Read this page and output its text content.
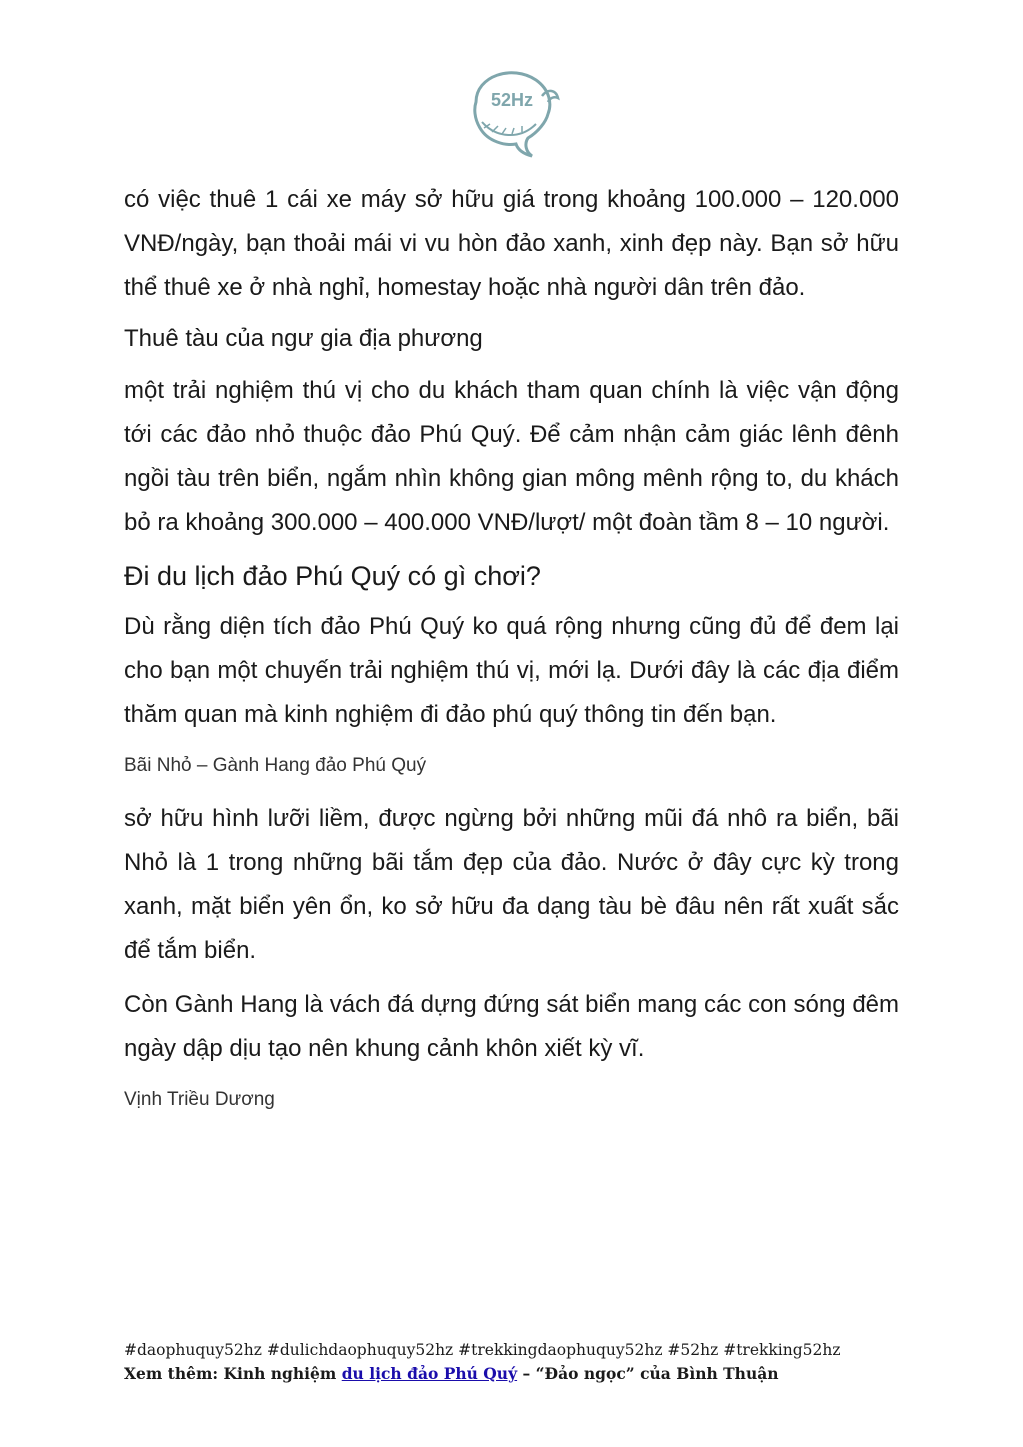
52Hz

có việc thuê 1 cái xe máy sở hữu giá trong khoảng 100.000 – 120.000 VNĐ/ngày, bạn thoải mái vi vu hòn đảo xanh, xinh đẹp này. Bạn sở hữu thể thuê xe ở nhà nghỉ, homestay hoặc nhà người dân trên đảo.

Thuê tàu của ngư gia địa phương

một trải nghiệm thú vị cho du khách tham quan chính là việc vận động tới các đảo nhỏ thuộc đảo Phú Quý. Để cảm nhận cảm giác lênh đênh ngồi tàu trên biển, ngắm nhìn không gian mông mênh rộng to, du khách bỏ ra khoảng 300.000 – 400.000 VNĐ/lượt/ một đoàn tầm 8 – 10 người.

Đi du lịch đảo Phú Quý có gì chơi?

Dù rằng diện tích đảo Phú Quý ko quá rộng nhưng cũng đủ để đem lại cho bạn một chuyến trải nghiệm thú vị, mới lạ. Dưới đây là các địa điểm thăm quan mà kinh nghiệm đi đảo phú quý thông tin đến bạn.

Bãi Nhỏ – Gành Hang đảo Phú Quý

sở hữu hình lưỡi liềm, được ngừng bởi những mũi đá nhô ra biển, bãi Nhỏ là 1 trong những bãi tắm đẹp của đảo. Nước ở đây cực kỳ trong xanh, mặt biển yên ổn, ko sở hữu đa dạng tàu bè đâu nên rất xuất sắc để tắm biển.

Còn Gành Hang là vách đá dựng đứng sát biển mang các con sóng đêm ngày dập dịu tạo nên khung cảnh khôn xiết kỳ vĩ.

Vịnh Triều Dương

#daophuquy52hz #dulichdaophuquy52hz #trekkingdaophuquy52hz #52hz #trekking52hz
Xem thêm: Kinh nghiệm du lịch đảo Phú Quý – “Đảo ngọc” của Bình Thuận
